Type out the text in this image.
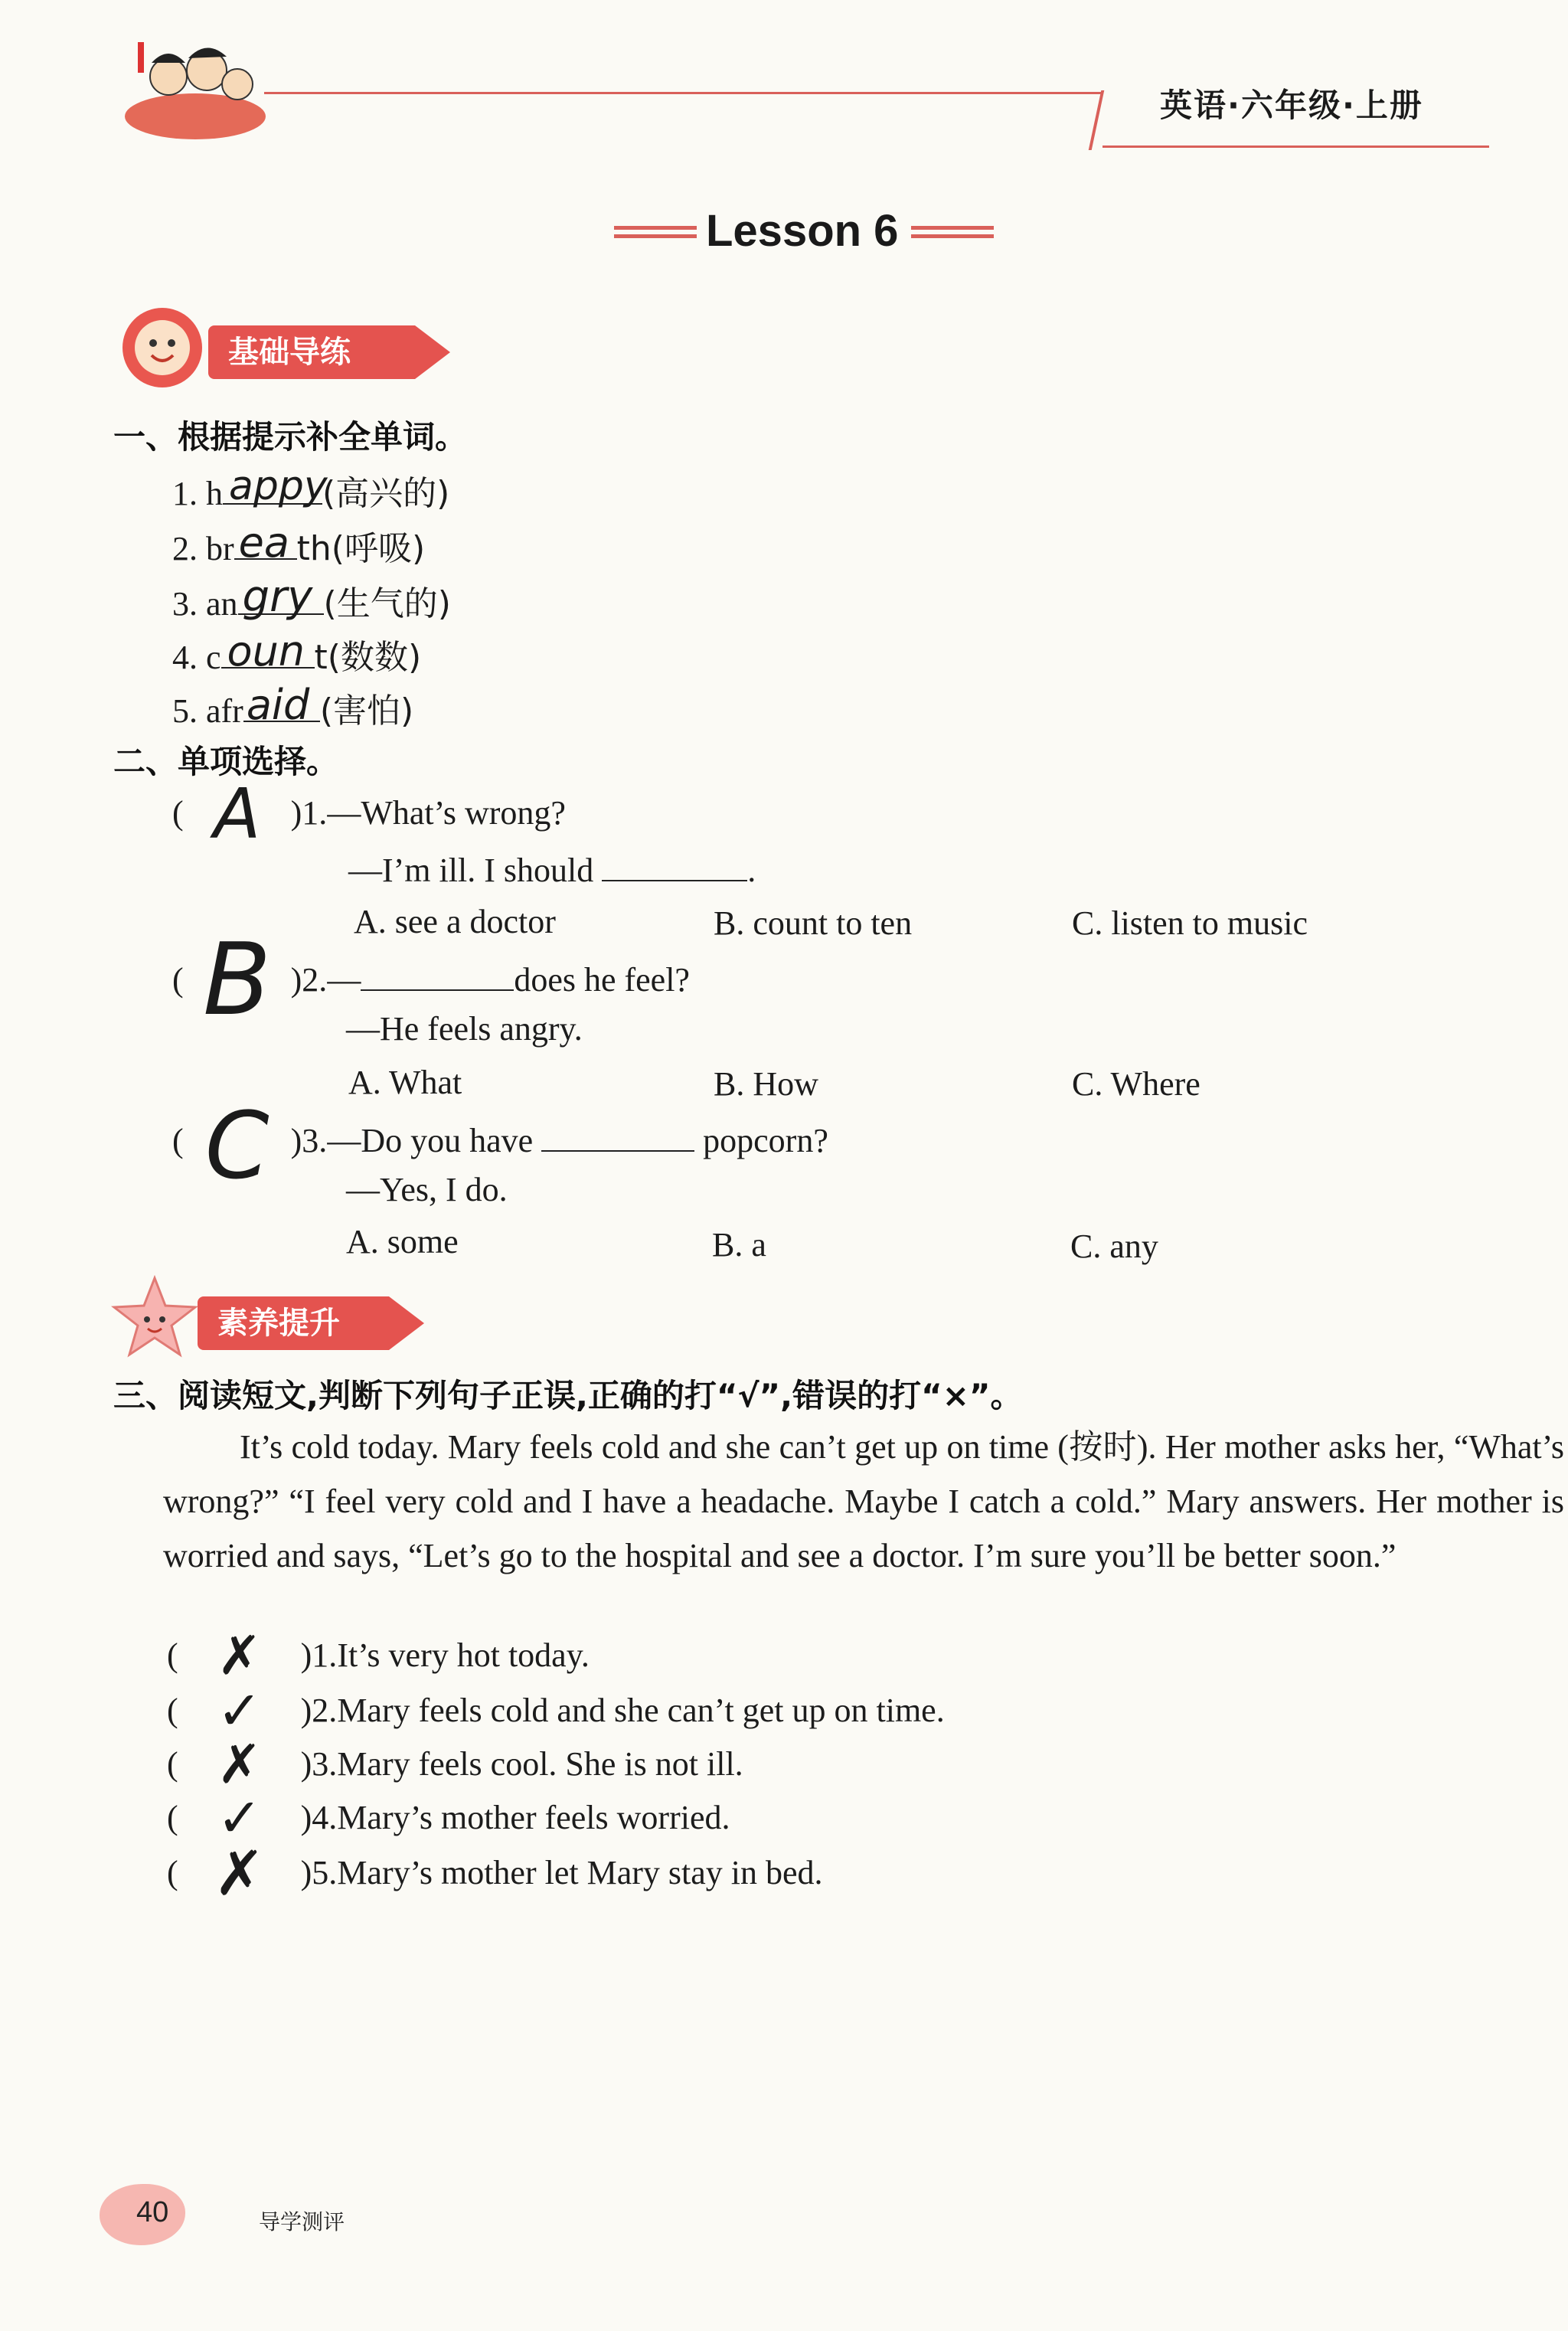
英语·六年级·上册
Lesson 6
基础导练
一、根据提示补全单词。
1. h appy
(高兴的)
2. br ea th(呼吸)
3. an gry (生气的)
4. c oun t(数数)
5. afr aid (害怕)
二、单项选择。
( A )1.—What’s wrong?
—I’m ill. I should	.
A. see a doctor	B. count to ten	C. listen to music
( B )2.—	does he feel?
—He feels angry.
A. What	B. How	C. Where
( C )3.—Do you have	popcorn?
—Yes, I do.
A. some	B. a	C. any
素养提升
三、阅读短文,判断下列句子正误,正确的打“√”,错误的打“×”。
It’s cold today. Mary feels cold and she can’t get up on time (按时). Her mother asks her, “What’s wrong?” “I feel very cold and I have a headache. Maybe I catch a cold.” Mary answers. Her mother is worried and says, “Let’s go to the hospital and see a doctor. I’m sure you’ll be better soon.”
( ✗ )1.It’s very hot today.
( ✓ )2.Mary feels cold and she can’t get up on time.
( ✗ )3.Mary feels cool. She is not ill.
( ✓ )4.Mary’s mother feels worried.
( ✗ )5.Mary’s mother let Mary stay in bed.
40	导学测评
